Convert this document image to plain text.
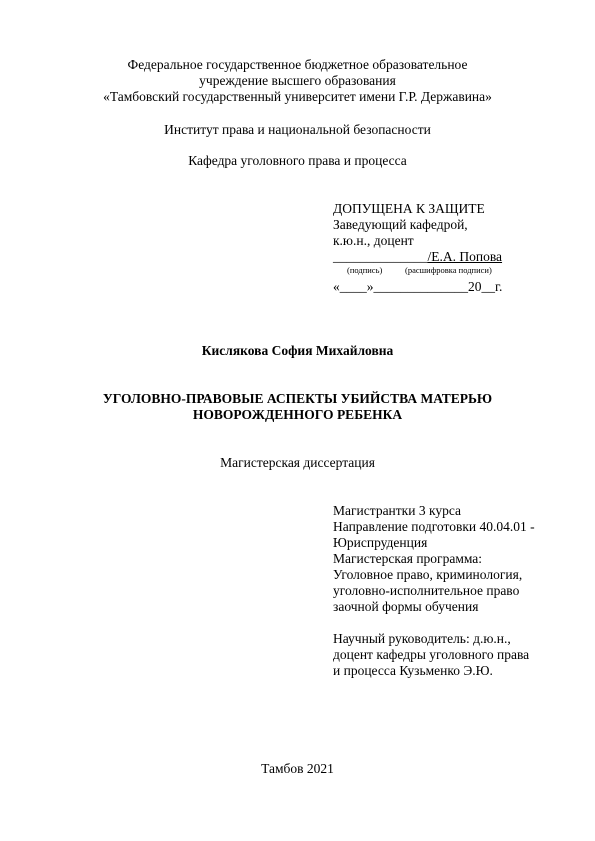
Федеральное государственное бюджетное образовательное
учреждение высшего образования
«Тамбовский государственный университет имени Г.Р. Державина»
Институт права и национальной безопасности
Кафедра уголовного права и процесса
ДОПУЩЕНА К ЗАЩИТЕ
Заведующий кафедрой,
к.ю.н., доцент
______________/Е.А. Попова
(подпись)	(расшифровка подписи)
«____»______________20__г.
Кислякова София Михайловна
УГОЛОВНО-ПРАВОВЫЕ АСПЕКТЫ УБИЙСТВА МАТЕРЬЮ
НОВОРОЖДЕННОГО РЕБЕНКА
Магистерская диссертация
Магистрантки 3 курса
Направление подготовки 40.04.01 -
Юриспруденция
Магистерская программа:
Уголовное право, криминология,
уголовно-исполнительное право
заочной формы обучения
Научный руководитель: д.ю.н.,
доцент кафедры уголовного права
и процесса Кузьменко Э.Ю.
Тамбов 2021
